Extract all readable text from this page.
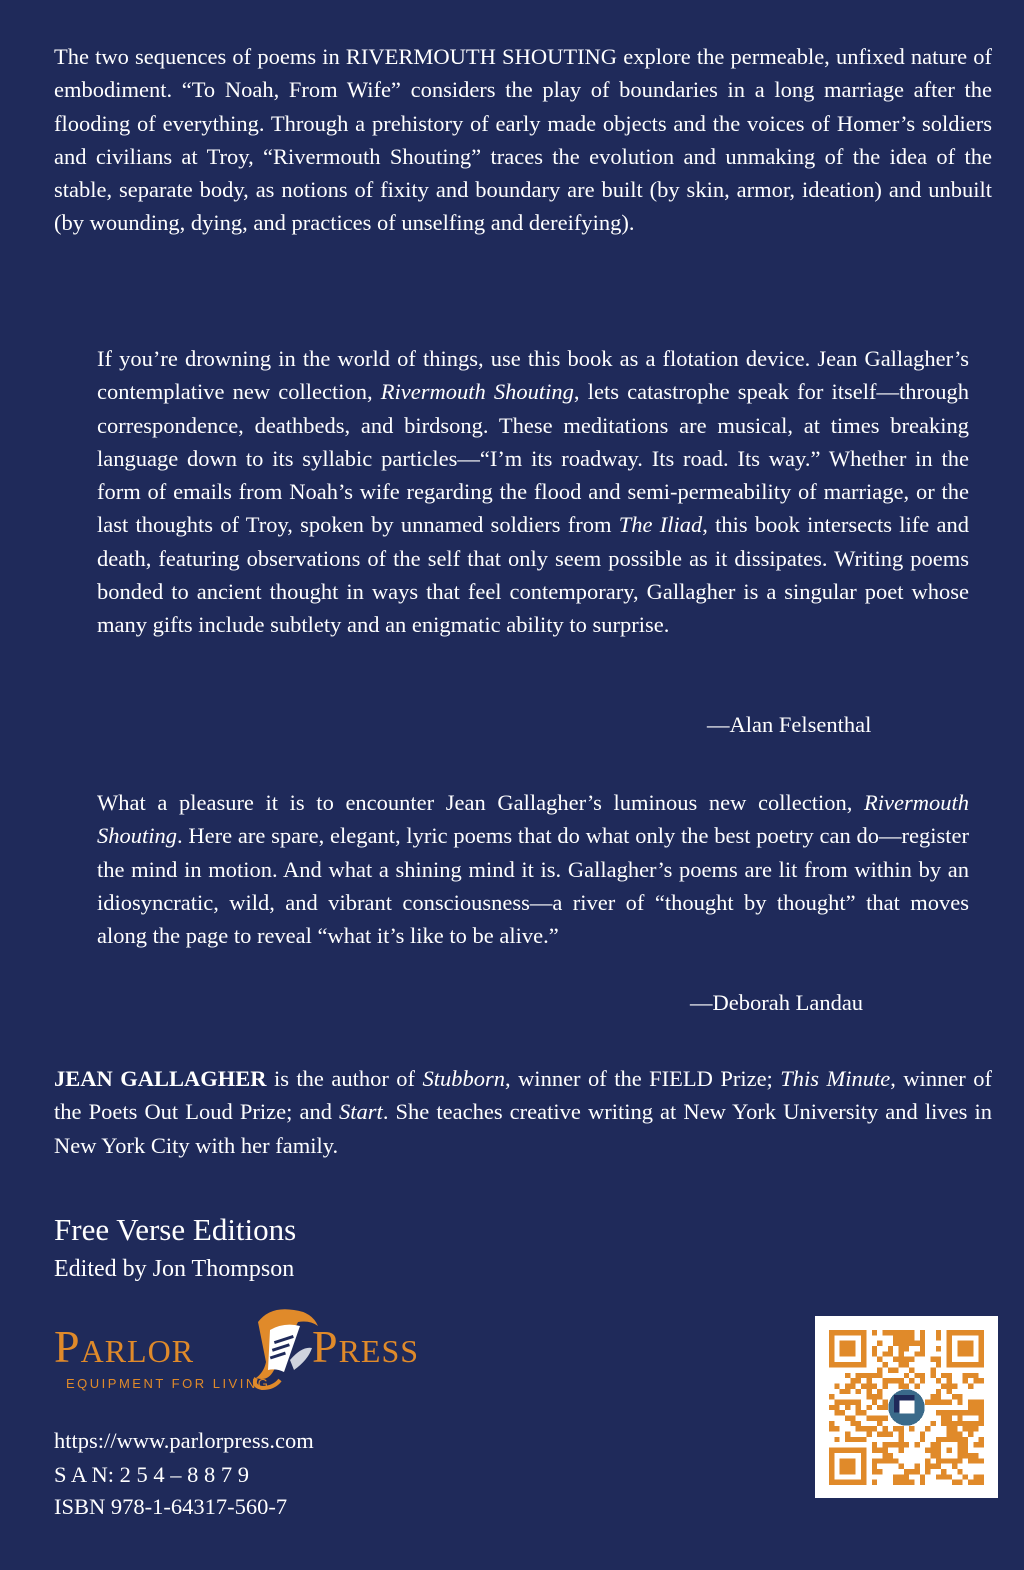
The two sequences of poems in RIVERMOUTH SHOUTING explore the permeable, unfixed nature of embodiment. “To Noah, From Wife” considers the play of boundaries in a long marriage after the flooding of everything. Through a prehistory of early made objects and the voices of Homer’s soldiers and civilians at Troy, “Rivermouth Shouting” traces the evolution and unmaking of the idea of the stable, separate body, as notions of fixity and boundary are built (by skin, armor, ideation) and unbuilt (by wounding, dying, and practices of unselfing and dereifying).

If you’re drowning in the world of things, use this book as a flotation device. Jean Gallagher’s contemplative new collection, Rivermouth Shouting, lets catastrophe speak for itself—through correspondence, deathbeds, and birdsong. These meditations are musical, at times breaking language down to its syllabic particles—“I’m its roadway. Its road. Its way.” Whether in the form of emails from Noah’s wife regarding the flood and semi-permeability of marriage, or the last thoughts of Troy, spoken by unnamed soldiers from The Iliad, this book intersects life and death, featuring observations of the self that only seem possible as it dissipates. Writing poems bonded to ancient thought in ways that feel contemporary, Gallagher is a singular poet whose many gifts include subtlety and an enigmatic ability to surprise.

—Alan Felsenthal

What a pleasure it is to encounter Jean Gallagher’s luminous new collection, Rivermouth Shouting. Here are spare, elegant, lyric poems that do what only the best poetry can do—register the mind in motion. And what a shining mind it is. Gallagher’s poems are lit from within by an idiosyncratic, wild, and vibrant consciousness—a river of “thought by thought” that moves along the page to reveal “what it’s like to be alive.”

—Deborah Landau

JEAN GALLAGHER is the author of Stubborn, winner of the FIELD Prize; This Minute, winner of the Poets Out Loud Prize; and Start. She teaches creative writing at New York University and lives in New York City with her family.

Free Verse Editions
Edited by Jon Thompson
Parlor	Press
EQUIPMENT FOR LIVING
https://www.parlorpress.com
S A N: 2 5 4 – 8 8 7 9
ISBN 978-1-64317-560-7
